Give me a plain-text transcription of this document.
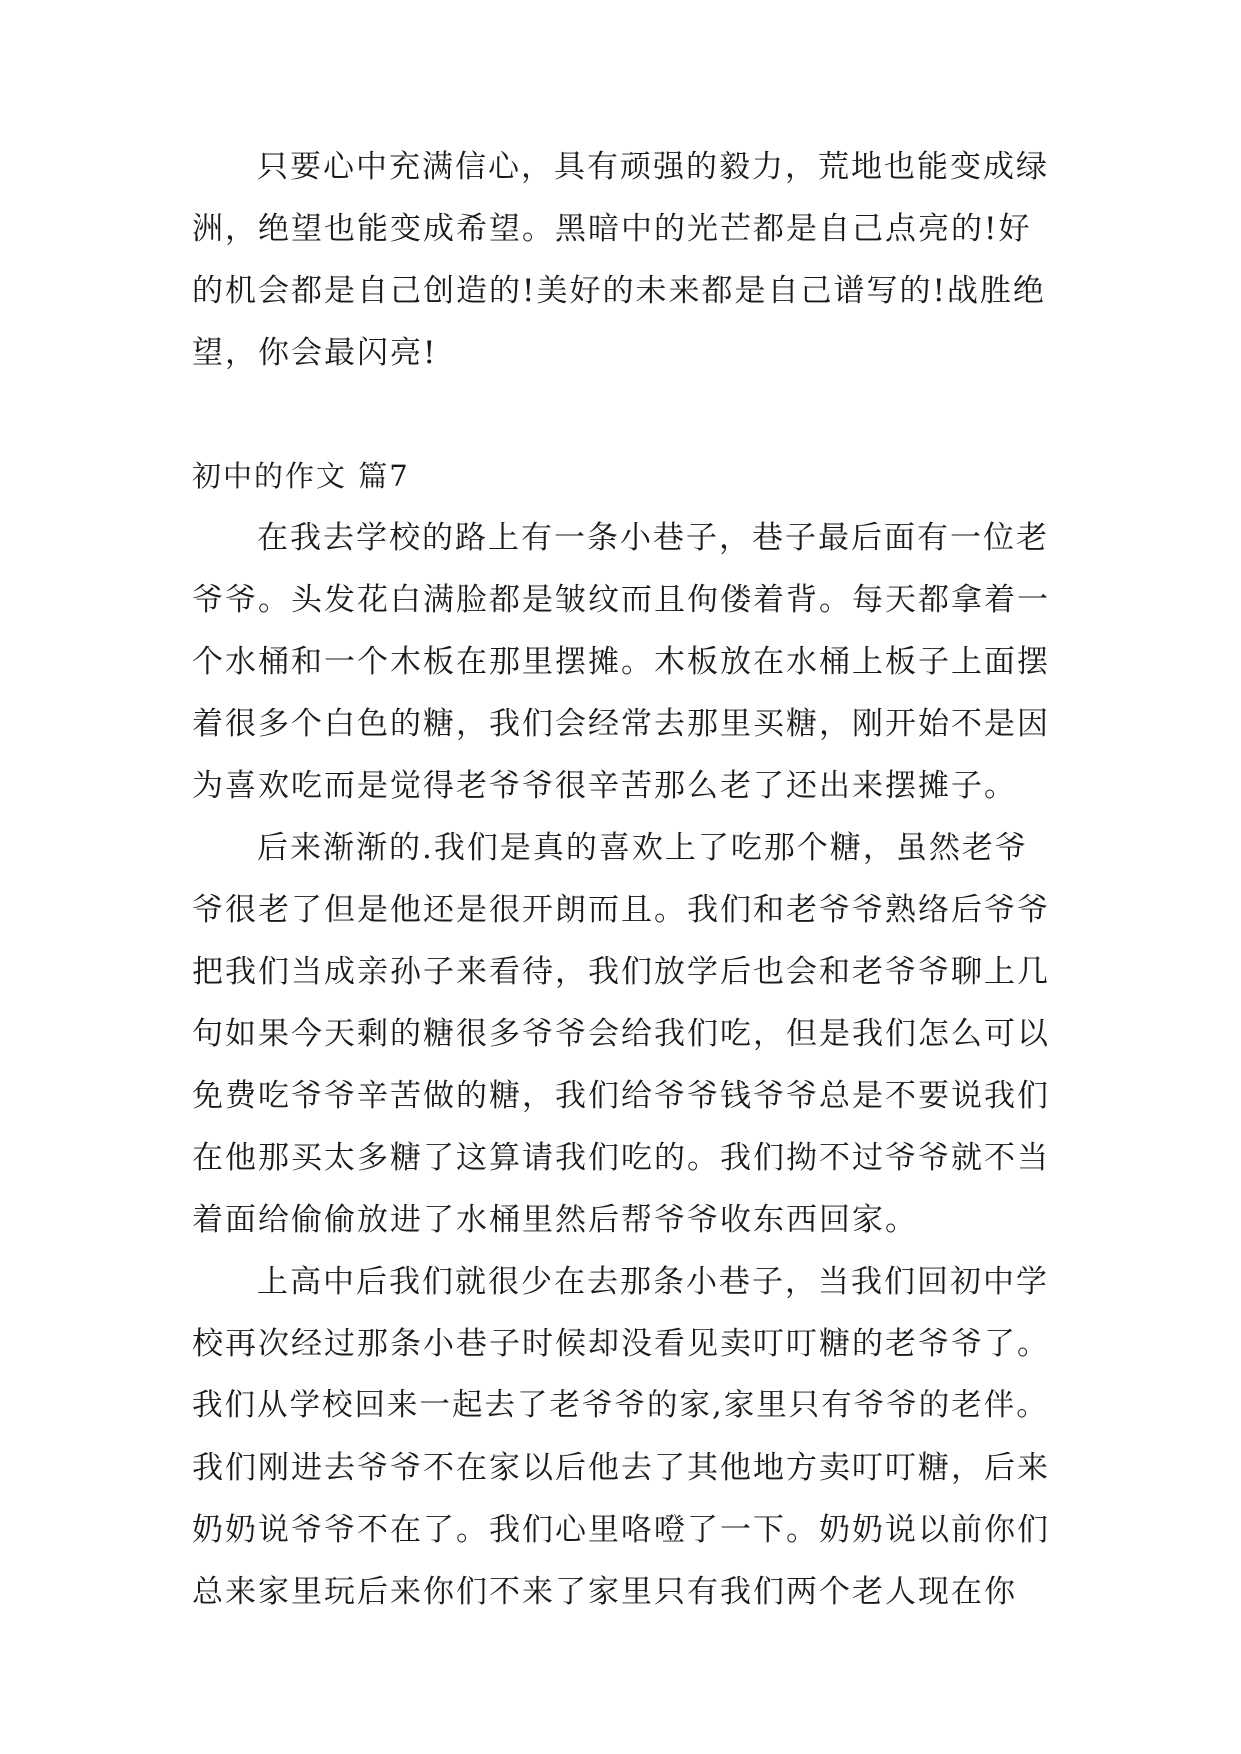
只要心中充满信心，具有顽强的毅力，荒地也能变成绿
洲，绝望也能变成希望。黑暗中的光芒都是自己点亮的!好
的机会都是自己创造的!美好的未来都是自己谱写的!战胜绝
望，你会最闪亮!
初中的作文 篇7
在我去学校的路上有一条小巷子，巷子最后面有一位老
爷爷。头发花白满脸都是皱纹而且佝偻着背。每天都拿着一
个水桶和一个木板在那里摆摊。木板放在水桶上板子上面摆
着很多个白色的糖，我们会经常去那里买糖，刚开始不是因
为喜欢吃而是觉得老爷爷很辛苦那么老了还出来摆摊子。
后来渐渐的.我们是真的喜欢上了吃那个糖，虽然老爷
爷很老了但是他还是很开朗而且。我们和老爷爷熟络后爷爷
把我们当成亲孙子来看待，我们放学后也会和老爷爷聊上几
句如果今天剩的糖很多爷爷会给我们吃，但是我们怎么可以
免费吃爷爷辛苦做的糖，我们给爷爷钱爷爷总是不要说我们
在他那买太多糖了这算请我们吃的。我们拗不过爷爷就不当
着面给偷偷放进了水桶里然后帮爷爷收东西回家。
上高中后我们就很少在去那条小巷子，当我们回初中学
校再次经过那条小巷子时候却没看见卖叮叮糖的老爷爷了。
我们从学校回来一起去了老爷爷的家,家里只有爷爷的老伴。
我们刚进去爷爷不在家以后他去了其他地方卖叮叮糖，后来
奶奶说爷爷不在了。我们心里咯噔了一下。奶奶说以前你们
总来家里玩后来你们不来了家里只有我们两个老人现在你
